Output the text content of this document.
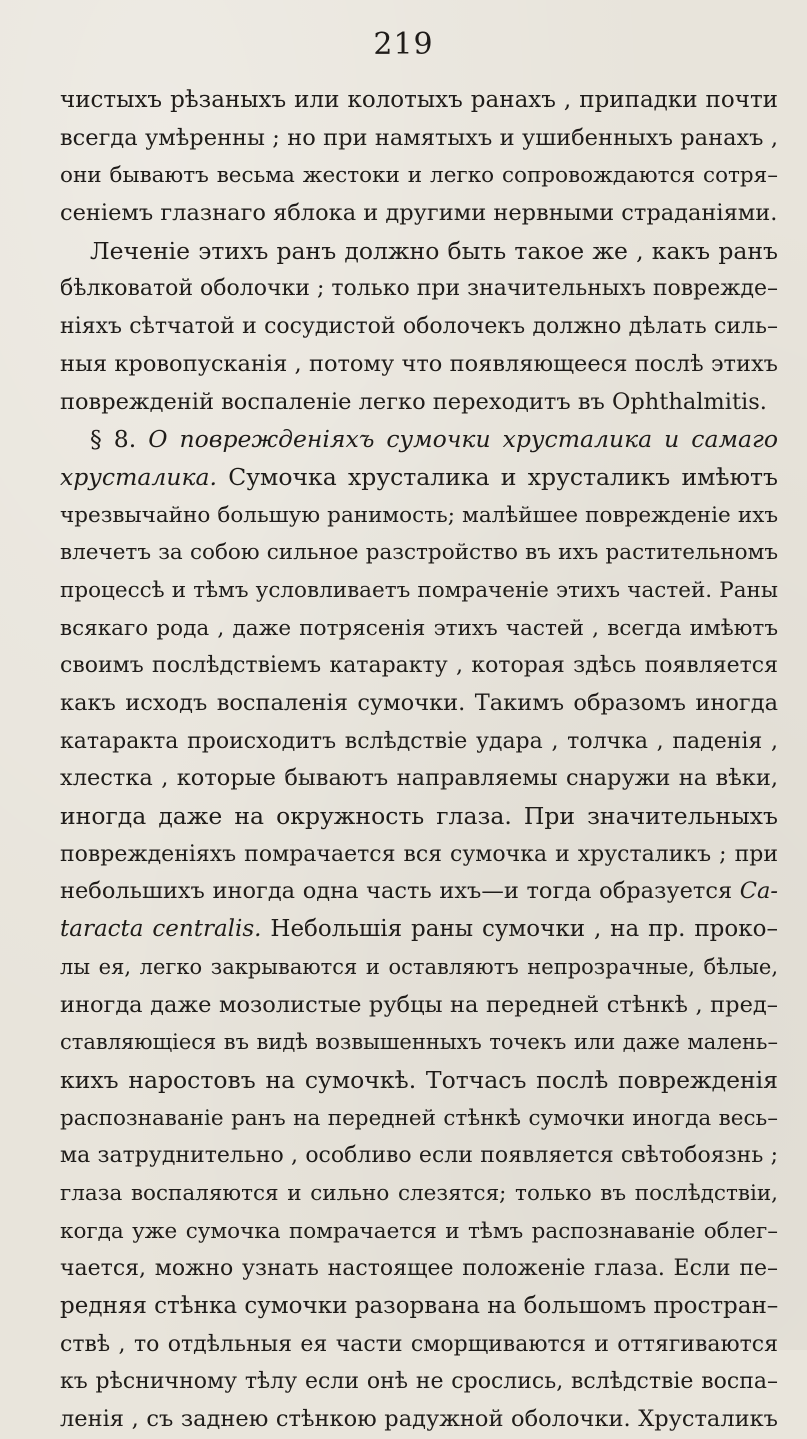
219
чистыхъ рѣзаныхъ или колотыхъ ранахъ , припадки почти
всегда умѣренны ; но при намятыхъ и ушибенныхъ ранахъ ,
они бываютъ весьма жестоки и легко сопровождаются сотря–
сенiемъ глазнаго яблока и другими нервными страданiями.
Леченiе этихъ ранъ должно быть такое же , какъ ранъ
бѣлковатой оболочки ; только при значительныхъ поврежде–
нiяхъ сѣтчатой и сосудистой оболочекъ должно дѣлать силь–
ныя кровопусканiя , потому что появляющееся послѣ этихъ
поврежденiй воспаленiе легко переходитъ въ Ophthalmitis.
§ 8. О поврежденiяхъ сумочки хрусталика и самаго
хрусталика. Сумочка хрусталика и хрусталикъ имѣютъ
чрезвычайно большую ранимость; малѣйшее поврежденiе ихъ
влечетъ за собою сильное разстройство въ ихъ растительномъ
процессѣ и тѣмъ условливаетъ помраченiе этихъ частей. Раны
всякаго рода , даже потрясенiя этихъ частей , всегда имѣютъ
своимъ послѣдствiемъ катаракту , которая здѣсь появляется
какъ исходъ воспаленiя сумочки. Такимъ образомъ иногда
катаракта происходитъ вслѣдствiе удара , толчка , паденiя ,
хлестка , которые бываютъ направляемы снаружи на вѣки,
иногда даже на окружность глаза. При значительныхъ
поврежденiяхъ помрачается вся сумочка и хрусталикъ ; при
небольшихъ иногда одна часть ихъ—и тогда образуется Ca-
taracta centralis. Небольшiя раны сумочки , на пр. проко–
лы ея, легко закрываются и оставляютъ непрозрачные, бѣлые,
иногда даже мозолистые рубцы на передней стѣнкѣ , пред–
ставляющiеся въ видѣ возвышенныхъ точекъ или даже малень–
кихъ наростовъ на сумочкѣ. Тотчасъ послѣ поврежденiя
распознаванiе ранъ на передней стѣнкѣ сумочки иногда весь–
ма затруднительно , особливо если появляется свѣтобоязнь ;
глаза воспаляются и сильно слезятся; только въ послѣдствiи,
когда уже сумочка помрачается и тѣмъ распознаванiе облег–
чается, можно узнать настоящее положенiе глаза. Если пе–
редняя стѣнка сумочки разорвана на большомъ простран–
ствѣ , то отдѣльныя ея части сморщиваются и оттягиваются
къ рѣсничному тѣлу если онѣ не срослись, вслѣдствiе воспа–
ленiя , съ заднею стѣнкою радужной оболочки. Хрусталикъ
